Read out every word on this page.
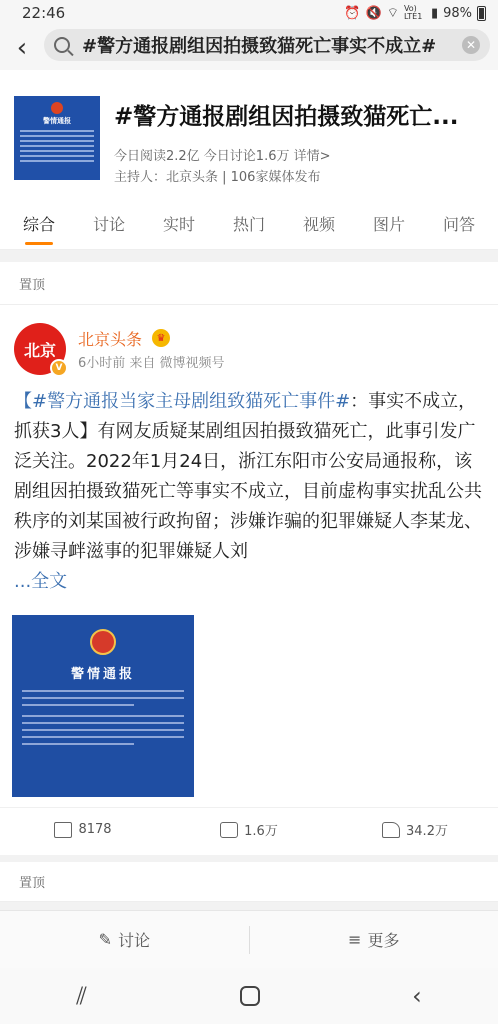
22:46	⏰ 🔇 ⌔ Vo) LTE1 ▮ 98%
‹	#警方通报剧组因拍摄致猫死亡事实不成立#	✕
警情通报	#警方通报剧组因拍摄致猫死亡...
今日阅读2.2亿 今日讨论1.6万 详情>
主持人：北京头条 | 106家媒体发布
综合 讨论 实时 热门 视频 图片 问答
置顶
北京
V
北京头条	♛
6小时前 来自 微博视频号
【#警方通报当家主母剧组致猫死亡事件#：事实不成立，抓获3人】有网友质疑某剧组因拍摄致猫死亡，此事引发广泛关注。2022年1月24日，浙江东阳市公安局通报称，该剧组因拍摄致猫死亡等事实不成立，目前虚构事实扰乱公共秩序的刘某国被行政拘留；涉嫌诈骗的犯罪嫌疑人李某龙、涉嫌寻衅滋事的犯罪嫌疑人刘
...全文
警情通报
8178	1.6万	34.2万
置顶
✎ 讨论	≡ 更多
⫽	‹
